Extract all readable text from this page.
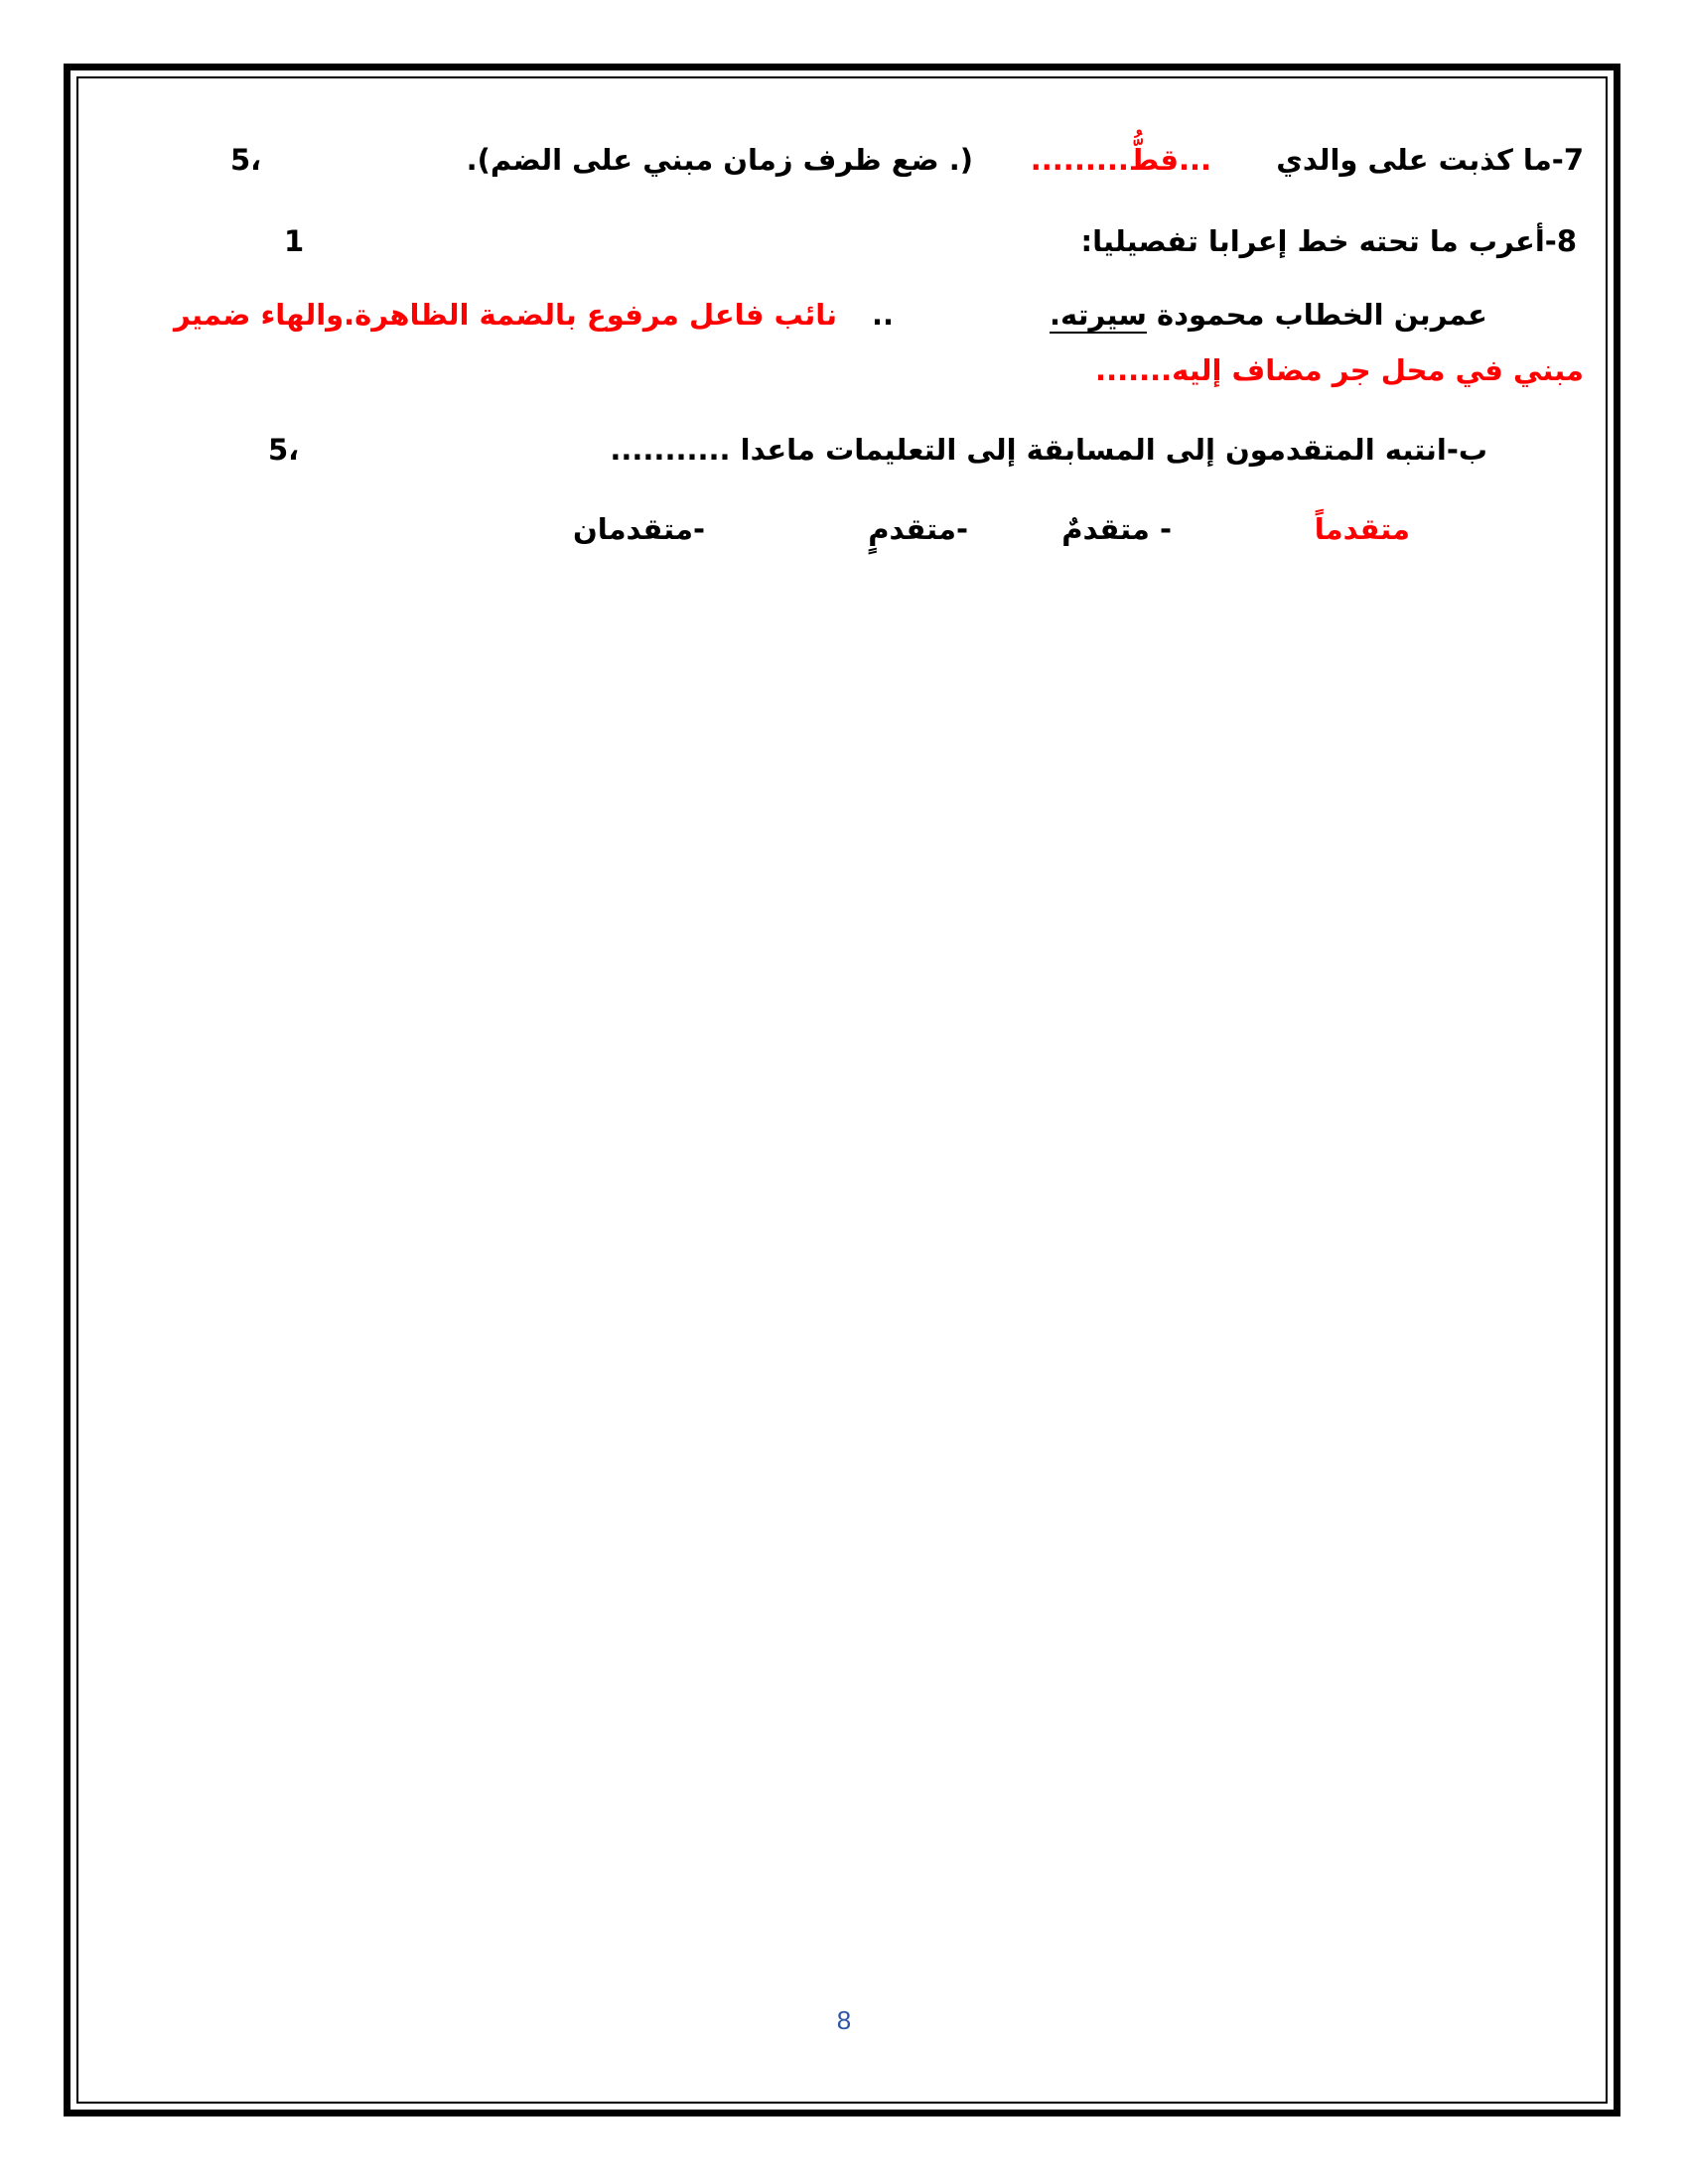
7-ما كذبت على والدي
...قطُّ.........
(. ضع ظرف زمان مبني على الضم).
5،
8-أعرب ما تحته خط إعرابا تفصيليا:
1
عمربن الخطاب محمودة سيرته.
..
نائب فاعل مرفوع بالضمة الظاهرة.والهاء ضمير
مبني في محل جر مضاف إليه.......
ب-انتبه المتقدمون إلى المسابقة إلى التعليمات ماعدا ...........
5،
متقدماً
- متقدمٌ
-متقدمٍ
-متقدمان
8
